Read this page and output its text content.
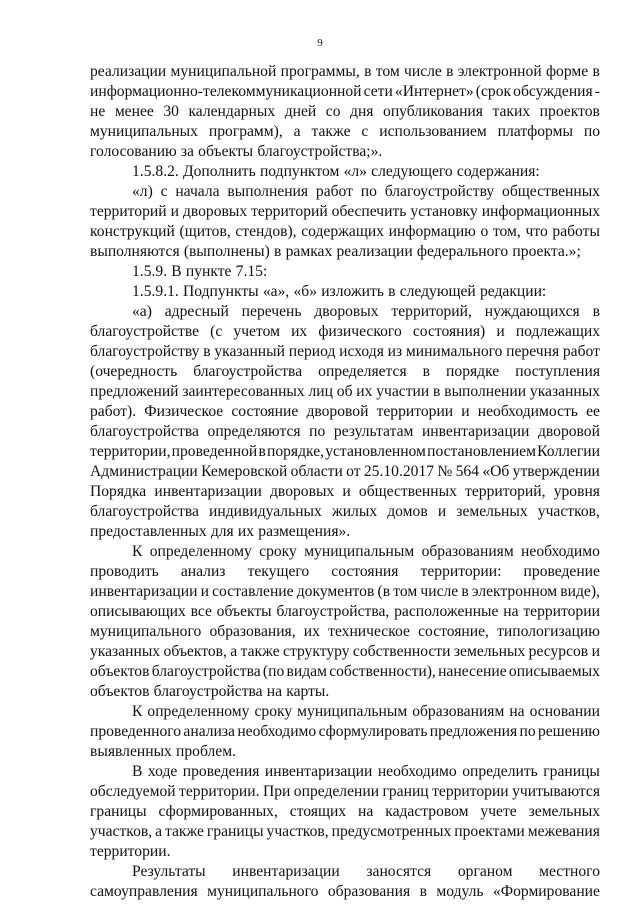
9
реализации муниципальной программы, в том числе в электронной форме в
информационно-телекоммуникационной сети «Интернет» (срок обсуждения -
не менее 30 календарных дней со дня опубликования таких проектов
муниципальных программ), а также с использованием платформы по
голосованию за объекты благоустройства;».
1.5.8.2. Дополнить подпунктом «л» следующего содержания:
«л) с начала выполнения работ по благоустройству общественных
территорий и дворовых территорий обеспечить установку информационных
конструкций (щитов, стендов), содержащих информацию о том, что работы
выполняются (выполнены) в рамках реализации федерального проекта.»;
1.5.9. В пункте 7.15:
1.5.9.1. Подпункты «а», «б» изложить в следующей редакции:
«а) адресный перечень дворовых территорий, нуждающихся в
благоустройстве (с учетом их физического состояния) и подлежащих
благоустройству в указанный период исходя из минимального перечня работ
(очередность благоустройства определяется в порядке поступления
предложений заинтересованных лиц об их участии в выполнении указанных
работ). Физическое состояние дворовой территории и необходимость ее
благоустройства определяются по результатам инвентаризации дворовой
территории, проведенной в порядке, установленном постановлением Коллегии
Администрации Кемеровской области от 25.10.2017 № 564 «Об утверждении
Порядка инвентаризации дворовых и общественных территорий, уровня
благоустройства индивидуальных жилых домов и земельных участков,
предоставленных для их размещения».
К определенному сроку муниципальным образованиям необходимо
проводить анализ текущего состояния территории: проведение
инвентаризации и составление документов (в том числе в электронном виде),
описывающих все объекты благоустройства, расположенные на территории
муниципального образования, их техническое состояние, типологизацию
указанных объектов, а также структуру собственности земельных ресурсов и
объектов благоустройства (по видам собственности), нанесение описываемых
объектов благоустройства на карты.
К определенному сроку муниципальным образованиям на основании
проведенного анализа необходимо сформулировать предложения по решению
выявленных проблем.
В ходе проведения инвентаризации необходимо определить границы
обследуемой территории. При определении границ территории учитываются
границы сформированных, стоящих на кадастровом учете земельных
участков, а также границы участков, предусмотренных проектами межевания
территории.
Результаты инвентаризации заносятся органом местного
самоуправления муниципального образования в модуль «Формирование
